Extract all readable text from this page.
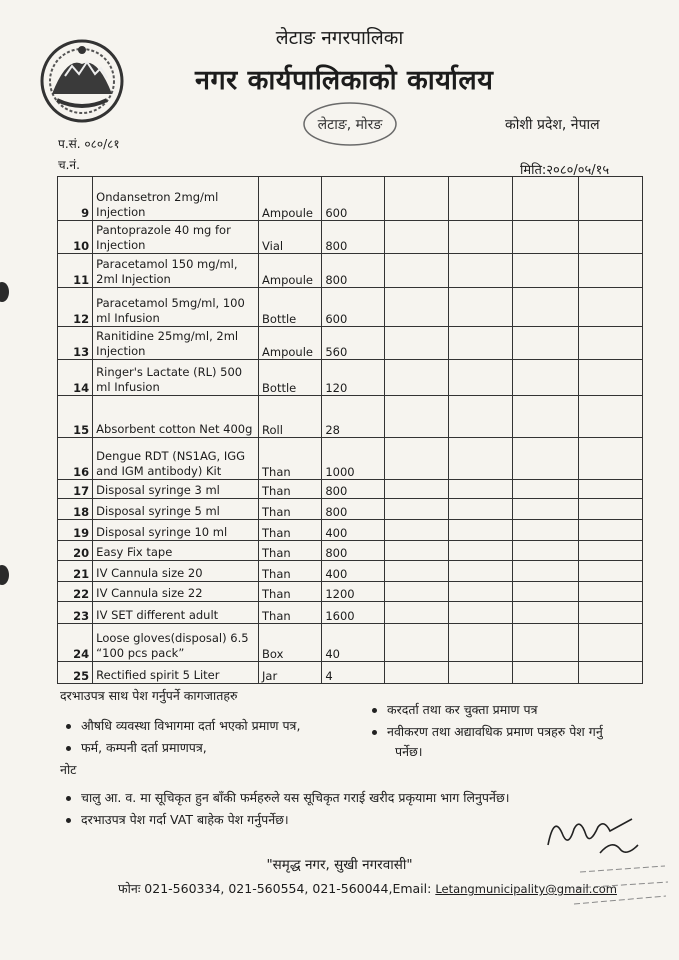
लेटाङ नगरपालिका
नगर कार्यपालिकाको कार्यालय
लेटाङ, मोरङ	कोशी प्रदेश, नेपाल
प.सं. ०८०/८१
च.नं.	मिति:२०८०/०५/१५
9	Ondansetron 2mg/ml Injection	Ampoule	600				
10	Pantoprazole 40 mg for Injection	Vial	800				
11	Paracetamol 150 mg/ml, 2ml Injection	Ampoule	800				
12	Paracetamol 5mg/ml, 100 ml Infusion	Bottle	600				
13	Ranitidine 25mg/ml, 2ml Injection	Ampoule	560				
14	Ringer's Lactate (RL) 500 ml Infusion	Bottle	120				
15	Absorbent cotton Net 400g	Roll	28				
16	Dengue RDT (NS1AG, IGG and IGM antibody) Kit	Than	1000				
17	Disposal syringe 3 ml	Than	800				
18	Disposal syringe 5 ml	Than	800				
19	Disposal syringe 10 ml	Than	400				
20	Easy Fix tape	Than	800				
21	IV Cannula size 20	Than	400				
22	IV Cannula size 22	Than	1200				
23	IV SET different adult	Than	1600				
24	Loose gloves(disposal) 6.5 “100 pcs pack”	Box	40				
25	Rectified spirit 5 Liter	Jar	4				
दरभाउपत्र साथ पेश गर्नुपर्ने कागजातहरु
औषधि व्यवस्था विभागमा दर्ता भएको प्रमाण पत्र,
फर्म, कम्पनी दर्ता प्रमाणपत्र,
करदर्ता तथा कर चुक्ता प्रमाण पत्र
नवीकरण तथा अद्यावधिक प्रमाण पत्रहरु पेश गर्नु
पर्नेछ।
नोट
चालु आ. व. मा सूचिकृत हुन बाँकी फर्महरुले यस सूचिकृत गराई खरीद प्रकृयामा भाग लिनुपर्नेछ।
दरभाउपत्र पेश गर्दा VAT बाहेक पेश गर्नुपर्नेछ।
"समृद्ध नगर, सुखी नगरवासी"
फोनः 021-560334, 021-560554, 021-560044,Email: Letangmunicipality@gmail.com
